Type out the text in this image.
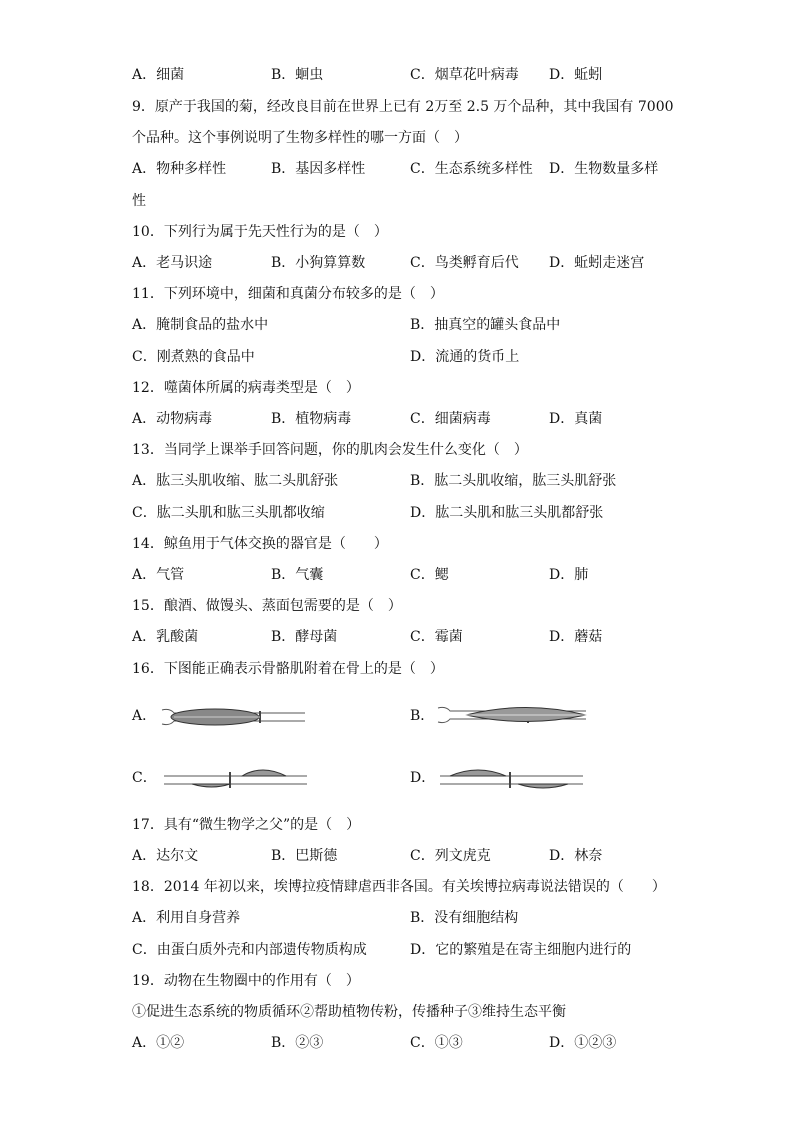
A．细菌	B．蛔虫	C．烟草花叶病毒 D．蚯蚓
9．原产于我国的菊，经改良目前在世界上已有 2万至 2.5 万个品种，其中我国有 7000
个品种。这个事例说明了生物多样性的哪一方面（　）
A．物种多样性	B．基因多样性	C．生态系统多样性 D．生物数量多样
性
10．下列行为属于先天性行为的是（　）
A．老马识途	B．小狗算算数	C．鸟类孵育后代 D．蚯蚓走迷宫
11．下列环境中，细菌和真菌分布较多的是（　）
A．腌制食品的盐水中	B．抽真空的罐头食品中
C．刚煮熟的食品中	D．流通的货币上
12．噬菌体所属的病毒类型是（　）
A．动物病毒	B．植物病毒	C．细菌病毒	D．真菌
13．当同学上课举手回答问题，你的肌肉会发生什么变化（　）
A．肱三头肌收缩、肱二头肌舒张	B．肱二头肌收缩，肱三头肌舒张
C．肱二头肌和肱三头肌都收缩	D．肱二头肌和肱三头肌都舒张
14．鲸鱼用于气体交换的器官是（　　）
A．气管	B．气囊	C．鳃	D．肺
15．酿酒、做馒头、蒸面包需要的是（　）
A．乳酸菌	B．酵母菌	C．霉菌	D．蘑菇
16．下图能正确表示骨骼肌附着在骨上的是（　）
A．	B．
C．	D．
17．具有“微生物学之父”的是（　）
A．达尔文	B．巴斯德	C．列文虎克	D．林奈
18．2014 年初以来，埃博拉疫情肆虐西非各国。有关埃博拉病毒说法错误的（　　）
A．利用自身营养	B．没有细胞结构
C．由蛋白质外壳和内部遗传物质构成	D．它的繁殖是在寄主细胞内进行的
19．动物在生物圈中的作用有（　）
①促进生态系统的物质循环②帮助植物传粉，传播种子③维持生态平衡
A．①②	B．②③	C．①③	D．①②③
